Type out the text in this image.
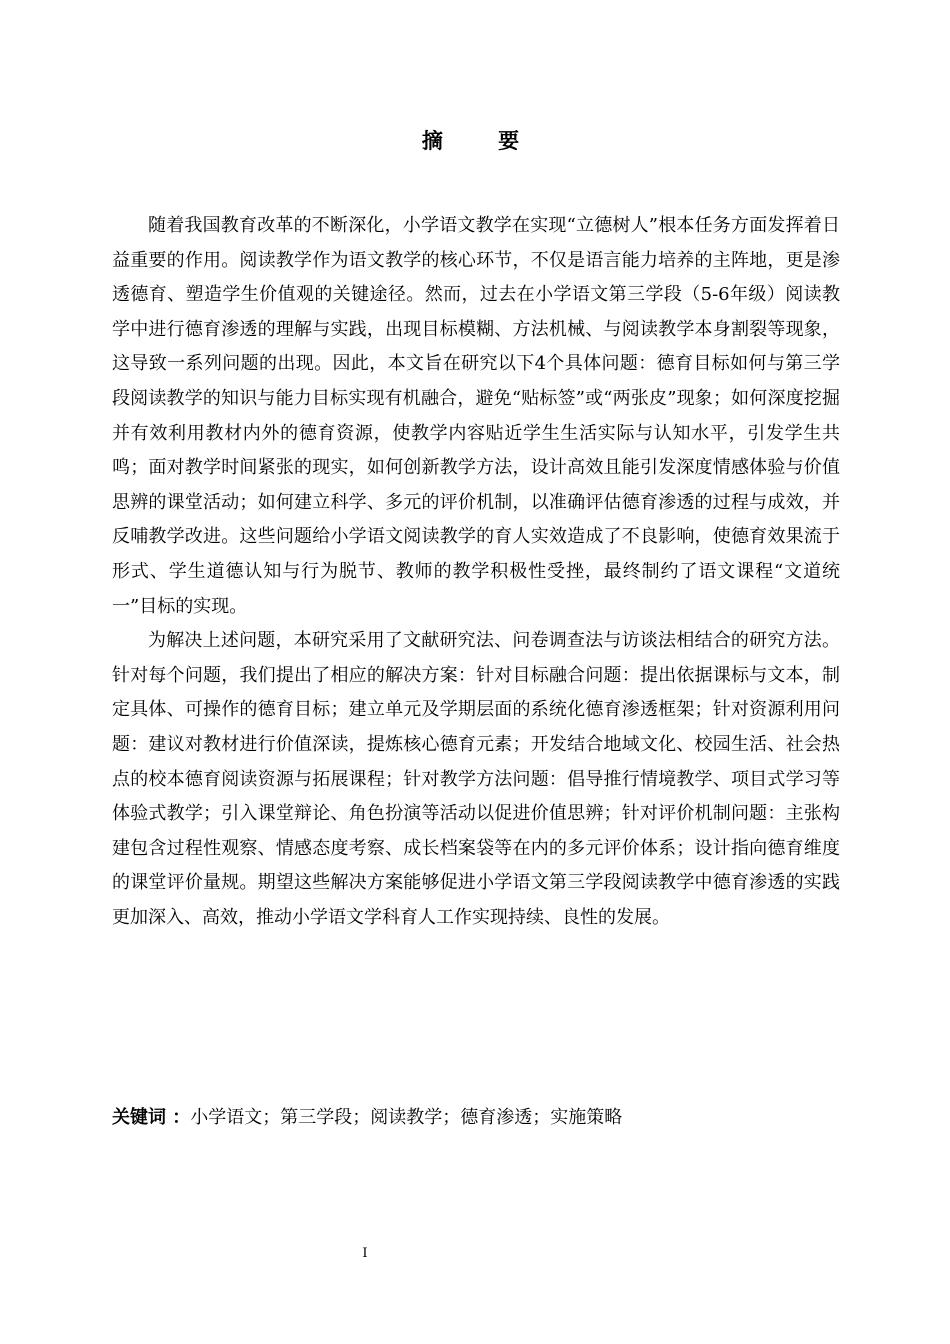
摘 要

随着我国教育改革的不断深化，小学语文教学在实现“立德树人”根本任务方面发挥着日益重要的作用。阅读教学作为语文教学的核心环节，不仅是语言能力培养的主阵地，更是渗透德育、塑造学生价值观的关键途径。然而，过去在小学语文第三学段（5-6年级）阅读教学中进行德育渗透的理解与实践，出现目标模糊、方法机械、与阅读教学本身割裂等现象，这导致一系列问题的出现。因此，本文旨在研究以下4个具体问题：德育目标如何与第三学段阅读教学的知识与能力目标实现有机融合，避免“贴标签”或“两张皮”现象；如何深度挖掘并有效利用教材内外的德育资源，使教学内容贴近学生生活实际与认知水平，引发学生共鸣；面对教学时间紧张的现实，如何创新教学方法，设计高效且能引发深度情感体验与价值思辨的课堂活动；如何建立科学、多元的评价机制，以准确评估德育渗透的过程与成效，并反哺教学改进。这些问题给小学语文阅读教学的育人实效造成了不良影响，使德育效果流于形式、学生道德认知与行为脱节、教师的教学积极性受挫，最终制约了语文课程“文道统一”目标的实现。

为解决上述问题，本研究采用了文献研究法、问卷调查法与访谈法相结合的研究方法。针对每个问题，我们提出了相应的解决方案：针对目标融合问题：提出依据课标与文本，制定具体、可操作的德育目标；建立单元及学期层面的系统化德育渗透框架；针对资源利用问题：建议对教材进行价值深读，提炼核心德育元素；开发结合地域文化、校园生活、社会热点的校本德育阅读资源与拓展课程；针对教学方法问题：倡导推行情境教学、项目式学习等体验式教学；引入课堂辩论、角色扮演等活动以促进价值思辨；针对评价机制问题：主张构建包含过程性观察、情感态度考察、成长档案袋等在内的多元评价体系；设计指向德育维度的课堂评价量规。期望这些解决方案能够促进小学语文第三学段阅读教学中德育渗透的实践更加深入、高效，推动小学语文学科育人工作实现持续、良性的发展。

关键词 ：小学语文；第三学段；阅读教学；德育渗透；实施策略
I
